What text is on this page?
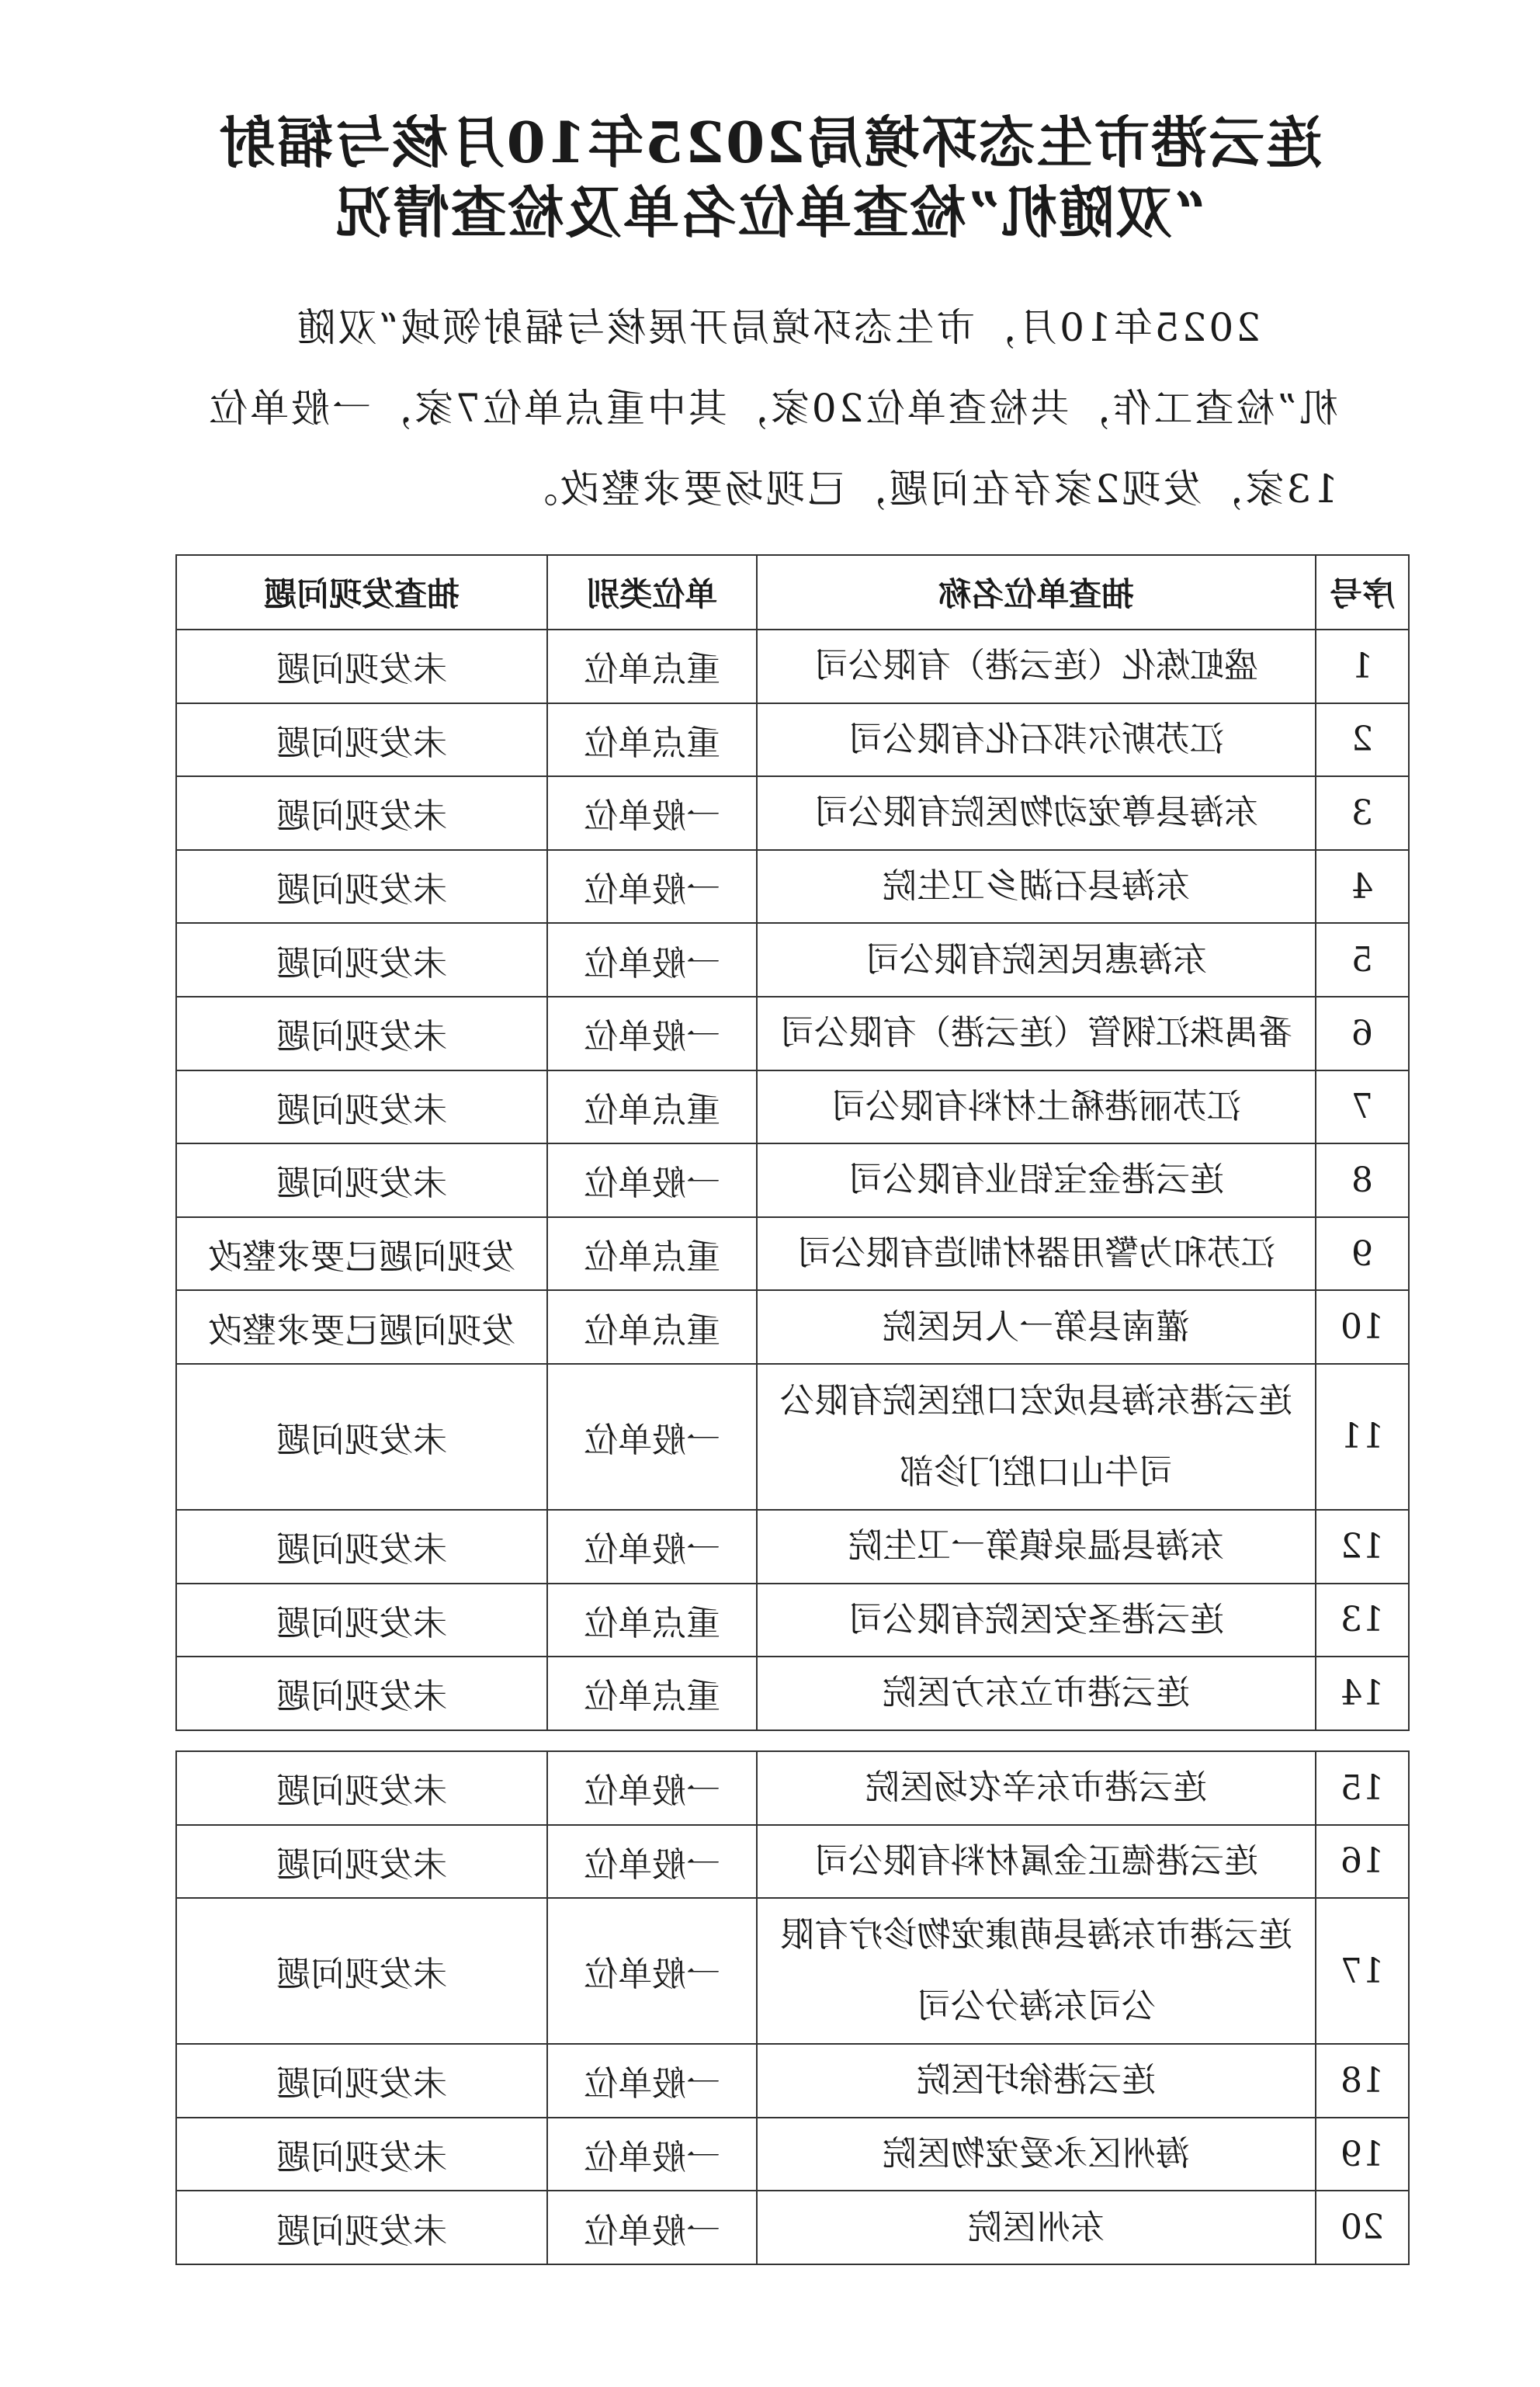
连云港市生态环境局2025年10月核与辐射
“双随机”检查单位名单及检查情况
2025年10月，市生态环境局开展核与辐射领域“双随机”检查工作，共检查单位20家，其中重点单位7家，一般单位13家，发现2家存在问题，已现场要求整改。
序号	抽查单位名称	单位类别	抽查发现问题
1	盛虹炼化（连云港）有限公司	重点单位	未发现问题
2	江苏斯尔邦石化有限公司	重点单位	未发现问题
3	东海县尊宠动物医院有限公司	一般单位	未发现问题
4	东海县石湖乡卫生院	一般单位	未发现问题
5	东海惠民医院有限公司	一般单位	未发现问题
6	番禺珠江钢管（连云港）有限公司	一般单位	未发现问题
7	江苏丽港稀土材料有限公司	重点单位	未发现问题
8	连云港金宝铝业有限公司	一般单位	未发现问题
9	江苏和为警用器材制造有限公司	重点单位	发现问题已要求整改
10	灌南县第一人民医院	重点单位	发现问题已要求整改
11	连云港东海县成宏口腔医院有限公司牛山口腔门诊部	一般单位	未发现问题
12	东海县温泉镇第一卫生院	一般单位	未发现问题
13	连云港圣安医院有限公司	重点单位	未发现问题
14	连云港市立东方医院	重点单位	未发现问题
15	连云港市东辛农场医院	一般单位	未发现问题
16	连云港德正金属材料有限公司	一般单位	未发现问题
17	连云港市东海县萌康宠物诊疗有限公司东海分公司	一般单位	未发现问题
18	连云港徐圩医院	一般单位	未发现问题
19	海州区永爱宠物医院	一般单位	未发现问题
20	东州医院	一般单位	未发现问题
